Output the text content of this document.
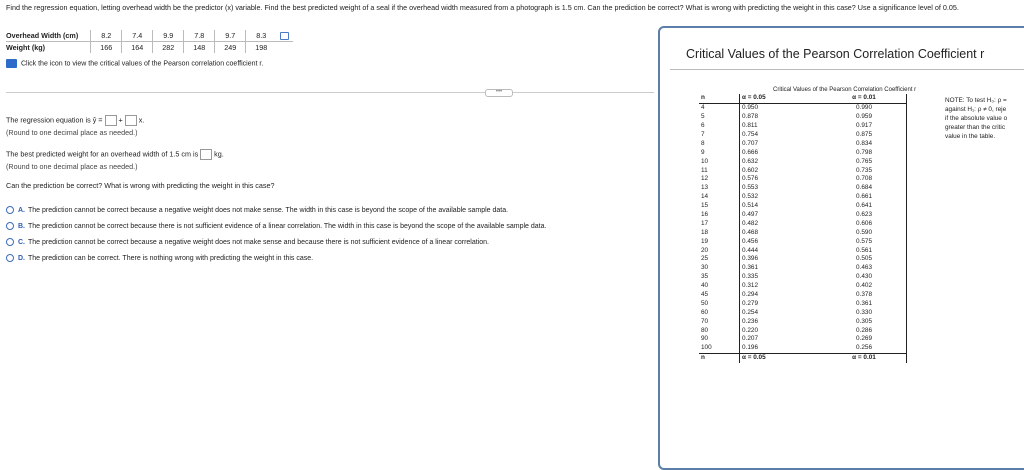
Find the regression equation, letting overhead width be the predictor (x) variable. Find the best predicted weight of a seal if the overhead width measured from a photograph is 1.5 cm. Can the prediction be correct? What is wrong with predicting the weight in this case? Use a significance level of 0.05.
Overhead Width (cm)	8.2	7.4	9.9	7.8	9.7	8.3	
Weight (kg)	166	164	282	148	249	198	
Click the icon to view the critical values of the Pearson correlation coefficient r.
•••
The regression equation is ŷ = + x.
(Round to one decimal place as needed.)
The best predicted weight for an overhead width of 1.5 cm is kg.
(Round to one decimal place as needed.)
Can the prediction be correct? What is wrong with predicting the weight in this case?
A. The prediction cannot be correct because a negative weight does not make sense. The width in this case is beyond the scope of the available sample data.
B. The prediction cannot be correct because there is not sufficient evidence of a linear correlation. The width in this case is beyond the scope of the available sample data.
C. The prediction cannot be correct because a negative weight does not make sense and because there is not sufficient evidence of a linear correlation.
D. The prediction can be correct. There is nothing wrong with predicting the weight in this case.
Critical Values of the Pearson Correlation Coefficient r
Critical Values of the Pearson Correlation Coefficient r
n	α = 0.05	α = 0.01
4	0.950	0.990
5	0.878	0.959
6	0.811	0.917
7	0.754	0.875
8	0.707	0.834
9	0.666	0.798
10	0.632	0.765
11	0.602	0.735
12	0.576	0.708
13	0.553	0.684
14	0.532	0.661
15	0.514	0.641
16	0.497	0.623
17	0.482	0.606
18	0.468	0.590
19	0.456	0.575
20	0.444	0.561
25	0.396	0.505
30	0.361	0.463
35	0.335	0.430
40	0.312	0.402
45	0.294	0.378
50	0.279	0.361
60	0.254	0.330
70	0.236	0.305
80	0.220	0.286
90	0.207	0.269
100	0.196	0.256
n	α = 0.05	α = 0.01
NOTE: To test H₀: ρ =
against H₁: ρ ≠ 0, reje
if the absolute value o
greater than the critic
value in the table.
